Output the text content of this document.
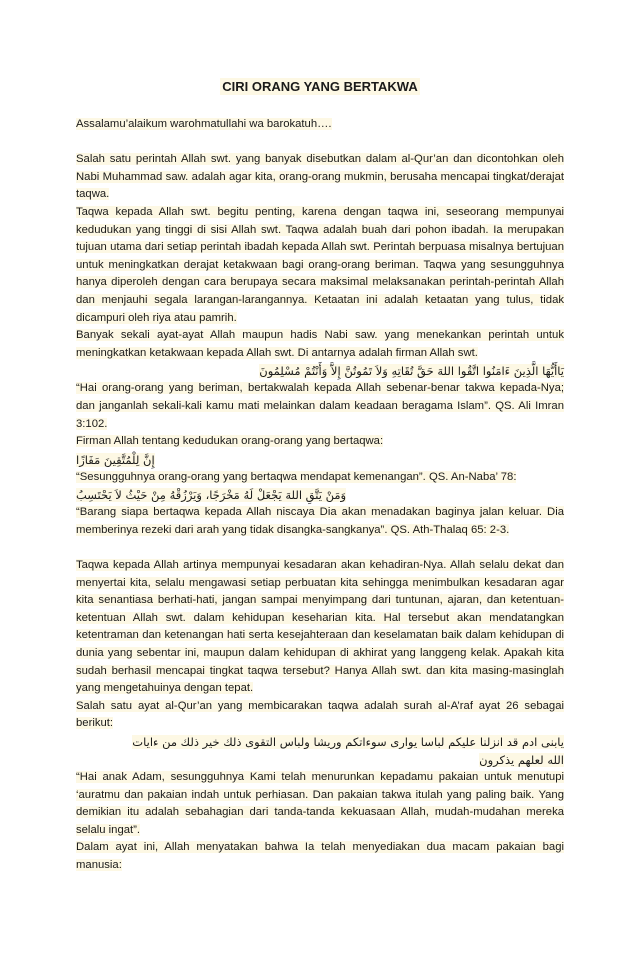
CIRI ORANG YANG BERTAKWA

Assalamu’alaikum warohmatullahi wa barokatuh….

Salah satu perintah Allah swt. yang banyak disebutkan dalam al-Qur’an dan dicontohkan oleh Nabi Muhammad saw. adalah agar kita, orang-orang mukmin, berusaha mencapai tingkat/derajat taqwa.

Taqwa kepada Allah swt. begitu penting, karena dengan taqwa ini, seseorang mempunyai kedudukan yang tinggi di sisi Allah swt. Taqwa adalah buah dari pohon ibadah. Ia merupakan tujuan utama dari setiap perintah ibadah kepada Allah swt. Perintah berpuasa misalnya bertujuan untuk meningkatkan derajat ketakwaan bagi orang-orang beriman. Taqwa yang sesungguhnya hanya diperoleh dengan cara berupaya secara maksimal melaksanakan perintah-perintah Allah dan menjauhi segala larangan-larangannya. Ketaatan ini adalah ketaatan yang tulus, tidak dicampuri oleh riya atau pamrih.

Banyak sekali ayat-ayat Allah maupun hadis Nabi saw. yang menekankan perintah untuk meningkatkan ketakwaan kepada Allah swt. Di antarnya adalah firman Allah swt.

يَاأَيُّهَا الَّذِينَ ءَامَنُوا اتَّقُوا اللهَ حَقَّ تُقَاتِهِ وَلاَ تَمُوتُنَّ إِلاَّ وَأَنْتُمْ مُسْلِمُونَ

“Hai orang-orang yang beriman, bertakwalah kepada Allah sebenar-benar takwa kepada-Nya; dan janganlah sekali-kali kamu mati melainkan dalam keadaan beragama Islam”. QS. Ali Imran 3:102.

Firman Allah tentang kedudukan orang-orang yang bertaqwa:

إِنَّ لِلْمُتَّقِينَ مَفَازًا

“Sesungguhnya orang-orang yang bertaqwa mendapat kemenangan”. QS. An-Naba’ 78:

وَمَنْ يَتَّقِ اللهَ يَجْعَلْ لَهُ مَخْرَجًا، وَيَرْزُقْهُ مِنْ حَيْثُ لاَ يَحْتَسِبُ

“Barang siapa bertaqwa kepada Allah niscaya Dia akan menadakan baginya jalan keluar. Dia memberinya rezeki dari arah yang tidak disangka-sangkanya”. QS. Ath-Thalaq 65: 2-3.

Taqwa kepada Allah artinya mempunyai kesadaran akan kehadiran-Nya. Allah selalu dekat dan menyertai kita, selalu mengawasi setiap perbuatan kita sehingga menimbulkan kesadaran agar kita senantiasa berhati-hati, jangan sampai menyimpang dari tuntunan, ajaran, dan ketentuan-ketentuan Allah swt. dalam kehidupan keseharian kita. Hal tersebut akan mendatangkan ketentraman dan ketenangan hati serta kesejahteraan dan keselamatan baik dalam kehidupan di dunia yang sebentar ini, maupun dalam kehidupan di akhirat yang langgeng kelak. Apakah kita sudah berhasil mencapai tingkat taqwa tersebut? Hanya Allah swt. dan kita masing-masinglah yang mengetahuinya dengan tepat.

Salah satu ayat al-Qur’an yang membicarakan taqwa adalah surah al-A’raf ayat 26 sebagai berikut:

يابنى ادم قد انزلنا عليكم لباسا يوارى سوءاتكم وريشا ولباس التقوى ذلك خير ذلك من ءايات

الله لعلهم يذكرون

“Hai anak Adam, sesungguhnya Kami telah menurunkan kepadamu pakaian untuk menutupi ‘auratmu dan pakaian indah untuk perhiasan. Dan pakaian takwa itulah yang paling baik. Yang demikian itu adalah sebahagian dari tanda-tanda kekuasaan Allah, mudah-mudahan mereka selalu ingat”.

Dalam ayat ini, Allah menyatakan bahwa Ia telah menyediakan dua macam pakaian bagi manusia:
